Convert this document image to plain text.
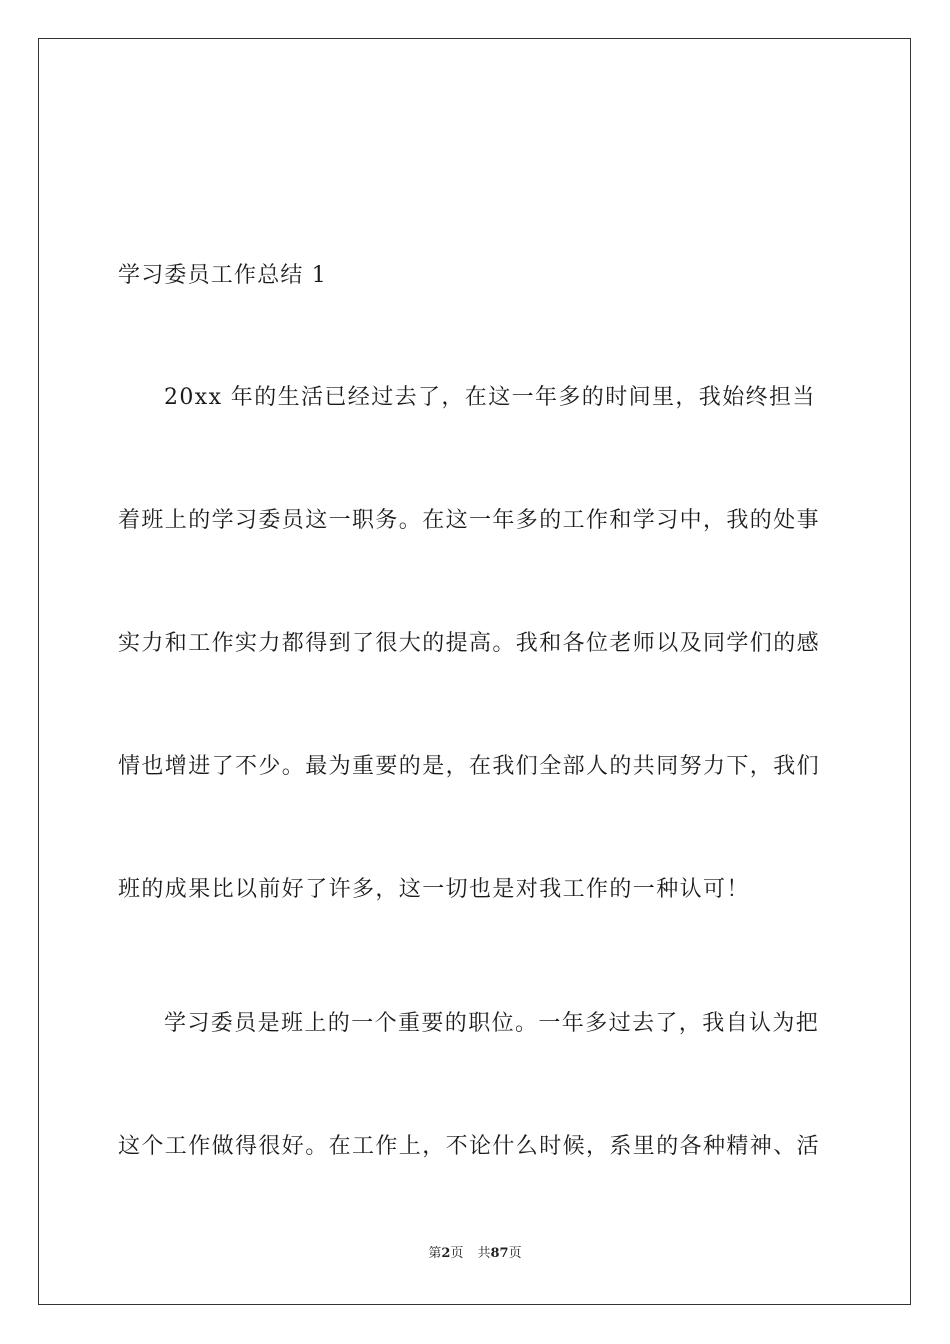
学习委员工作总结 1
20xx 年的生活已经过去了，在这一年多的时间里，我始终担当
着班上的学习委员这一职务。在这一年多的工作和学习中，我的处事
实力和工作实力都得到了很大的提高。我和各位老师以及同学们的感
情也增进了不少。最为重要的是，在我们全部人的共同努力下，我们
班的成果比以前好了许多，这一切也是对我工作的一种认可！
学习委员是班上的一个重要的职位。一年多过去了，我自认为把
这个工作做得很好。在工作上，不论什么时候，系里的各种精神、活
第2页 共87页
